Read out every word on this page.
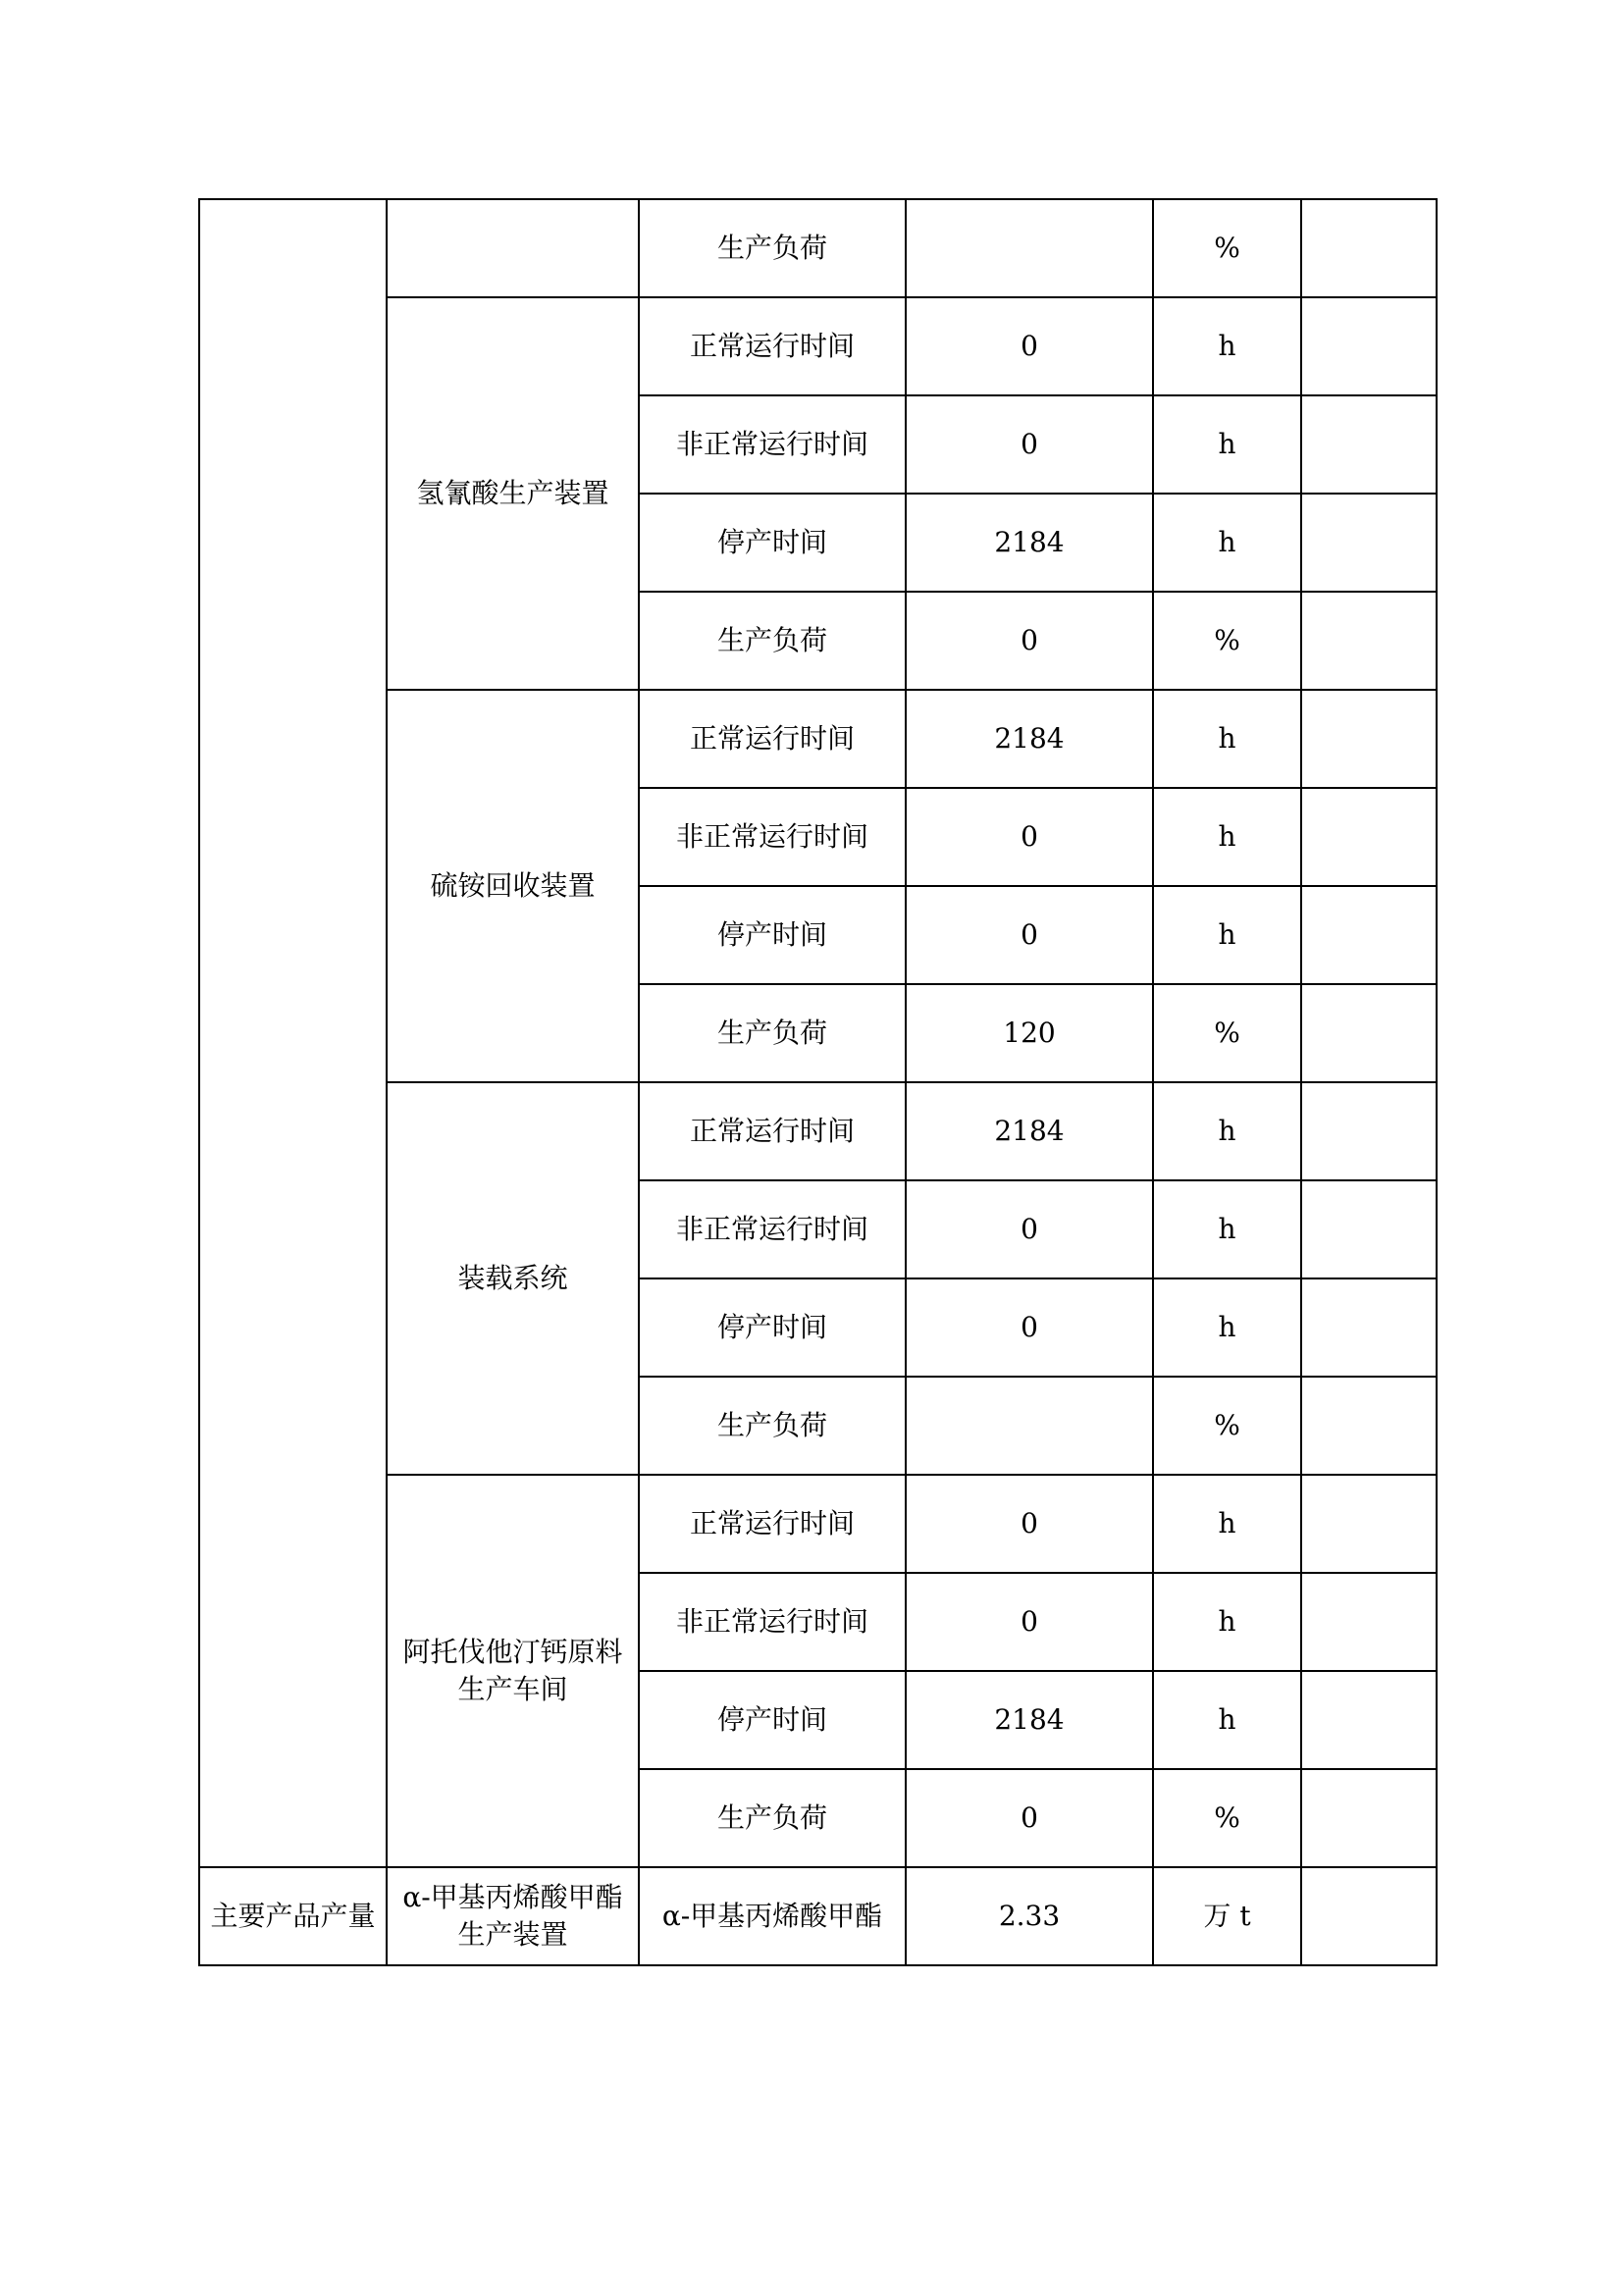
		生产负荷		%	
	氢氰酸生产装置	正常运行时间	0	h	
		非正常运行时间	0	h	
		停产时间	2184	h	
		生产负荷	0	%	
	硫铵回收装置	正常运行时间	2184	h	
		非正常运行时间	0	h	
		停产时间	0	h	
		生产负荷	120	%	
	装载系统	正常运行时间	2184	h	
		非正常运行时间	0	h	
		停产时间	0	h	
		生产负荷		%	
	阿托伐他汀钙原料生产车间	正常运行时间	0	h	
		非正常运行时间	0	h	
		停产时间	2184	h	
		生产负荷	0	%	
主要产品产量	α-甲基丙烯酸甲酯生产装置	α-甲基丙烯酸甲酯	2.33	万 t	
